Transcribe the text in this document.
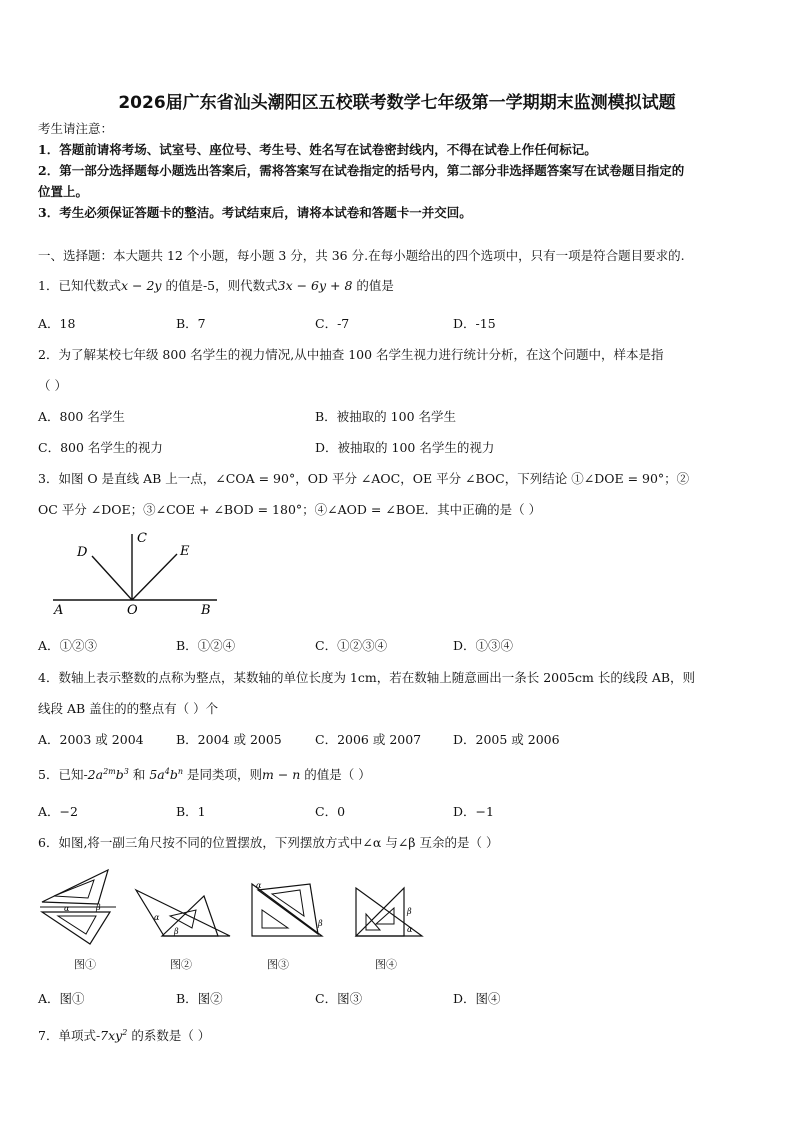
2026届广东省汕头潮阳区五校联考数学七年级第一学期期末监测模拟试题
考生请注意：
1．答题前请将考场、试室号、座位号、考生号、姓名写在试卷密封线内，不得在试卷上作任何标记。
2．第一部分选择题每小题选出答案后，需将答案写在试卷指定的括号内，第二部分非选择题答案写在试卷题目指定的
位置上。
3．考生必须保证答题卡的整洁。考试结束后，请将本试卷和答题卡一并交回。
一、选择题：本大题共 12 个小题，每小题 3 分，共 36 分.在每小题给出的四个选项中，只有一项是符合题目要求的.
1．已知代数式x − 2y 的值是-5，则代数式3x − 6y + 8 的值是
A．18	B．7	C．-7	D．-15
2．为了解某校七年级 800 名学生的视力情况,从中抽查 100 名学生视力进行统计分析，在这个问题中，样本是指
（ ）
A．800 名学生	B．被抽取的 100 名学生
C．800 名学生的视力	D．被抽取的 100 名学生的视力
3．如图 O 是直线 AB 上一点，∠COA = 90°，OD 平分 ∠AOC，OE 平分 ∠BOC，下列结论 ①∠DOE = 90°；②
OC 平分 ∠DOE；③∠COE + ∠BOD = 180°；④∠AOD = ∠BOE．其中正确的是（ ）
D
C
E
A	O	B
A．①②③	B．①②④	C．①②③④	D．①③④
4．数轴上表示整数的点称为整点，某数轴的单位长度为 1cm，若在数轴上随意画出一条长 2005cm 长的线段 AB，则
线段 AB 盖住的的整点有（ ）个
A．2003 或 2004	B．2004 或 2005	C．2006 或 2007	D．2005 或 2006
5．已知$-2a^{2m}b^3$ 和 $5a^4b^n$ 是同类项，则m − n 的值是（ ）
A．−2	B．1	C．0	D．−1
6．如图,将一副三角尺按不同的位置摆放，下列摆放方式中∠α 与∠β 互余的是（ ）
α	β
图①
α
β
图②
α
β
图③
β
α
图④
A．图①	B．图②	C．图③	D．图④
7．单项式$-7xy^2$ 的系数是（ ）
